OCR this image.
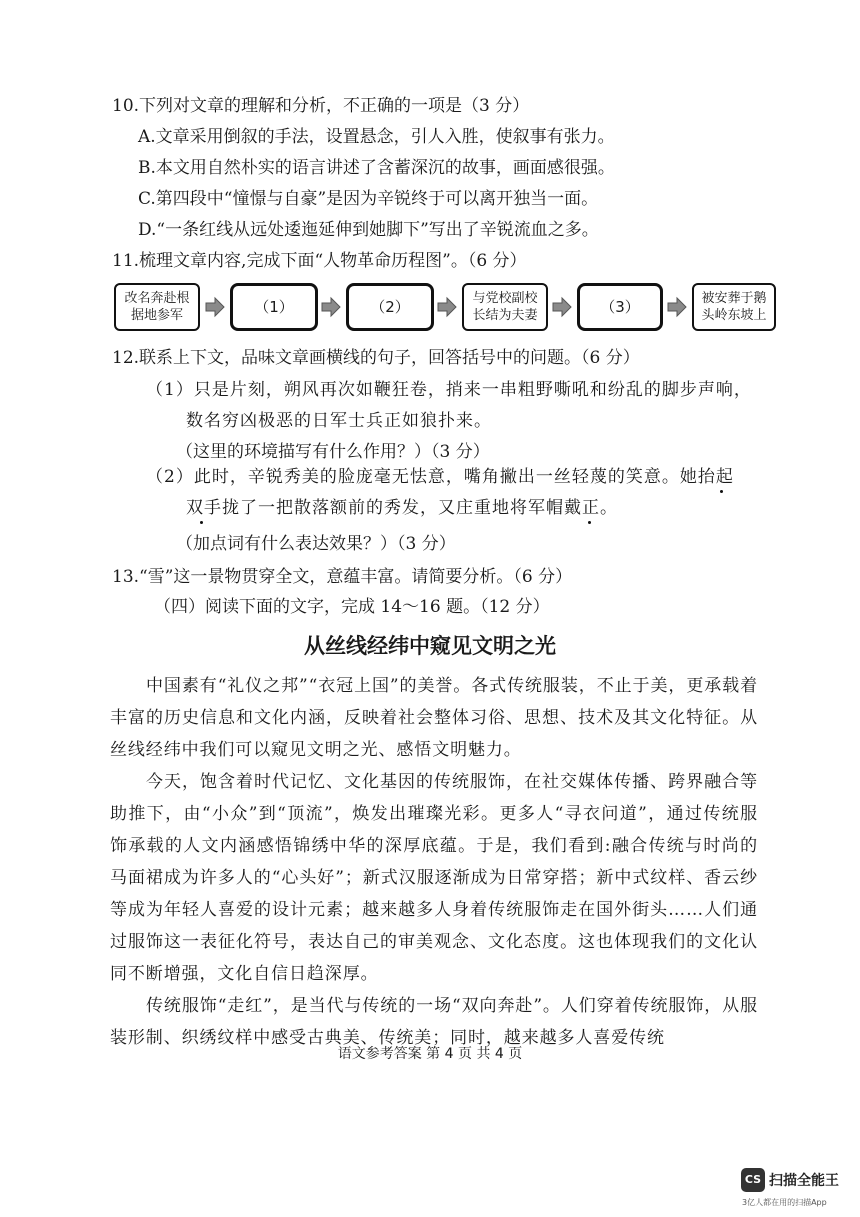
10.下列对文章的理解和分析，不正确的一项是（3 分）
A.文章采用倒叙的手法，设置悬念，引人入胜，使叙事有张力。
B.本文用自然朴实的语言讲述了含蓄深沉的故事，画面感很强。
C.第四段中“憧憬与自豪”是因为辛锐终于可以离开独当一面。
D.“一条红线从远处逶迤延伸到她脚下”写出了辛锐流血之多。
11.梳理文章内容,完成下面“人物革命历程图”。（6 分）
改名奔赴根
据地参军	（1）	（2）	与党校副校
长结为夫妻	（3）	被安葬于鹅
头岭东坡上
12.联系上下文，品味文章画横线的句子，回答括号中的问题。（6 分）
（1）只是片刻，朔风再次如鞭狂卷，捎来一串粗野嘶吼和纷乱的脚步声响，
数名穷凶极恶的日军士兵正如狼扑来。
（这里的环境描写有什么作用？）（3 分）
（2）此时，辛锐秀美的脸庞毫无怯意，嘴角撇出一丝轻蔑的笑意。她抬起
双手拢了一把散落额前的秀发，又庄重地将军帽戴正。
（加点词有什么表达效果？）（3 分）
13.“雪”这一景物贯穿全文，意蕴丰富。请简要分析。（6 分）
（四）阅读下面的文字，完成 14～16 题。（12 分）
从丝线经纬中窥见文明之光
中国素有“礼仪之邦”“衣冠上国”的美誉。各式传统服装，不止于美，更承载着丰富的历史信息和文化内涵，反映着社会整体习俗、思想、技术及其文化特征。从丝线经纬中我们可以窥见文明之光、感悟文明魅力。
今天，饱含着时代记忆、文化基因的传统服饰，在社交媒体传播、跨界融合等助推下，由“小众”到“顶流”，焕发出璀璨光彩。更多人“寻衣问道”，通过传统服饰承载的人文内涵感悟锦绣中华的深厚底蕴。于是，我们看到:融合传统与时尚的马面裙成为许多人的“心头好”；新式汉服逐渐成为日常穿搭；新中式纹样、香云纱等成为年轻人喜爱的设计元素；越来越多人身着传统服饰走在国外街头……人们通过服饰这一表征化符号，表达自己的审美观念、文化态度。这也体现我们的文化认同不断增强，文化自信日趋深厚。
传统服饰“走红”，是当代与传统的一场“双向奔赴”。人们穿着传统服饰，从服装形制、织绣纹样中感受古典美、传统美；同时，越来越多人喜爱传统
语文参考答案 第 4 页 共 4 页
CS 扫描全能王
3亿人都在用的扫描App
